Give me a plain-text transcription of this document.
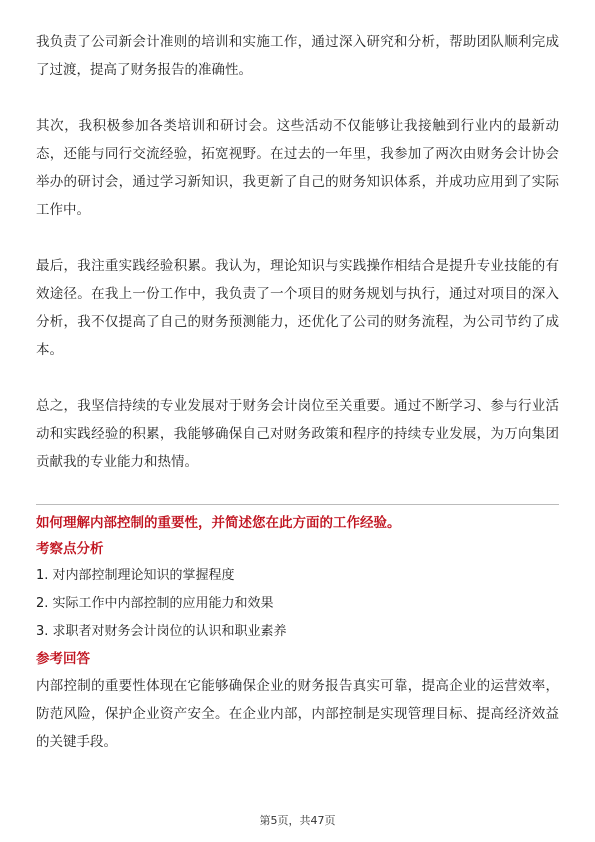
我负责了公司新会计准则的培训和实施工作，通过深入研究和分析，帮助团队顺利完成了过渡，提高了财务报告的准确性。

其次，我积极参加各类培训和研讨会。这些活动不仅能够让我接触到行业内的最新动态，还能与同行交流经验，拓宽视野。在过去的一年里，我参加了两次由财务会计协会举办的研讨会，通过学习新知识，我更新了自己的财务知识体系，并成功应用到了实际工作中。

最后，我注重实践经验积累。我认为，理论知识与实践操作相结合是提升专业技能的有效途径。在我上一份工作中，我负责了一个项目的财务规划与执行，通过对项目的深入分析，我不仅提高了自己的财务预测能力，还优化了公司的财务流程，为公司节约了成本。

总之，我坚信持续的专业发展对于财务会计岗位至关重要。通过不断学习、参与行业活动和实践经验的积累，我能够确保自己对财务政策和程序的持续专业发展，为万向集团贡献我的专业能力和热情。

如何理解内部控制的重要性，并简述您在此方面的工作经验。

考察点分析

1. 对内部控制理论知识的掌握程度

2. 实际工作中内部控制的应用能力和效果

3. 求职者对财务会计岗位的认识和职业素养

参考回答

内部控制的重要性体现在它能够确保企业的财务报告真实可靠，提高企业的运营效率，防范风险，保护企业资产安全。在企业内部，内部控制是实现管理目标、提高经济效益的关键手段。

第5页，共47页
